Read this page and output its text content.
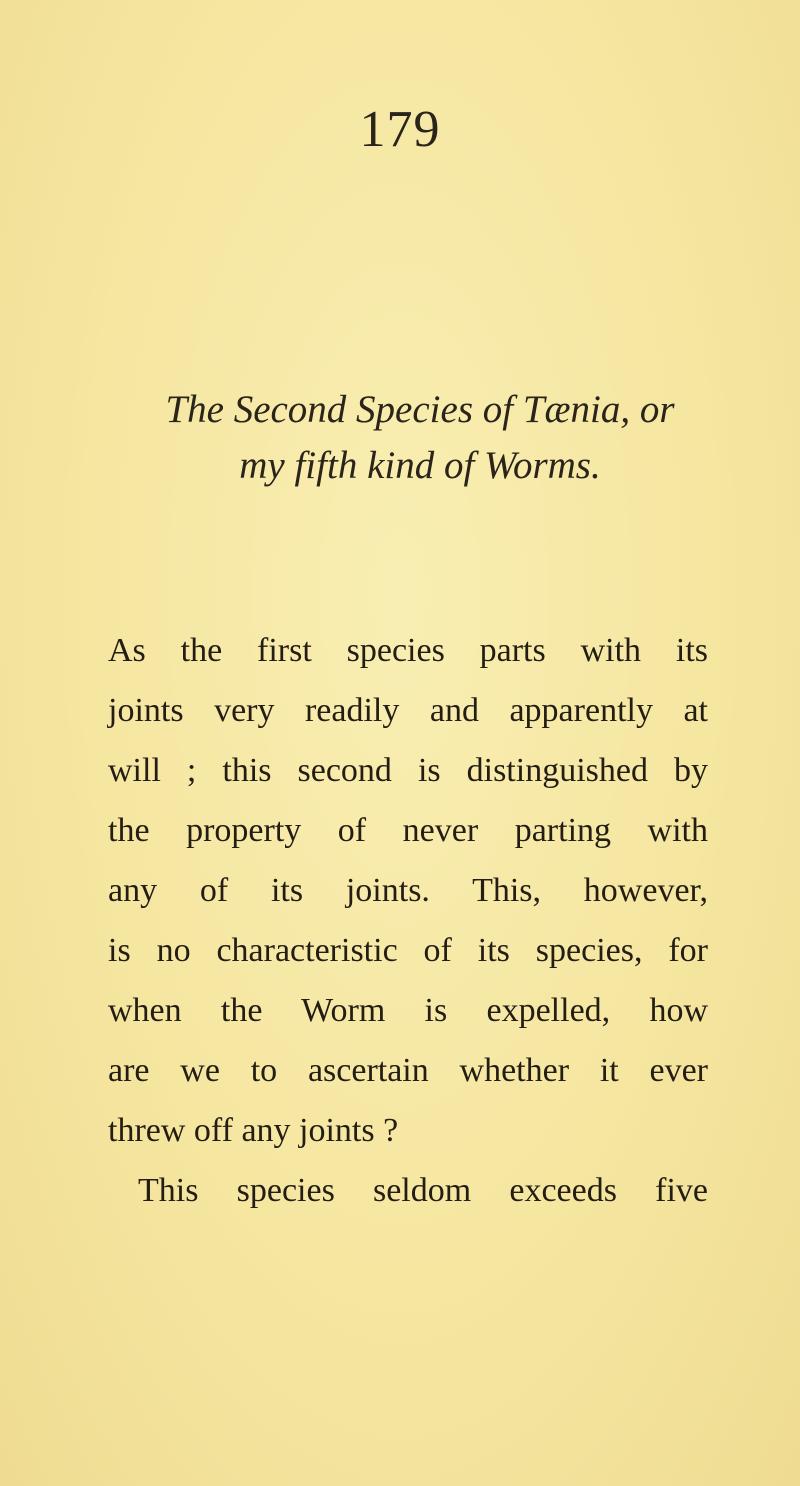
179
The Second Species of Tænia, or
my fifth kind of Worms.
As the first species parts with its
joints very readily and apparently at
will ; this second is distinguished by
the property of never parting with
any of its joints. This, however,
is no characteristic of its species, for
when the Worm is expelled, how
are we to ascertain whether it ever
threw off any joints ?
This species seldom exceeds five
